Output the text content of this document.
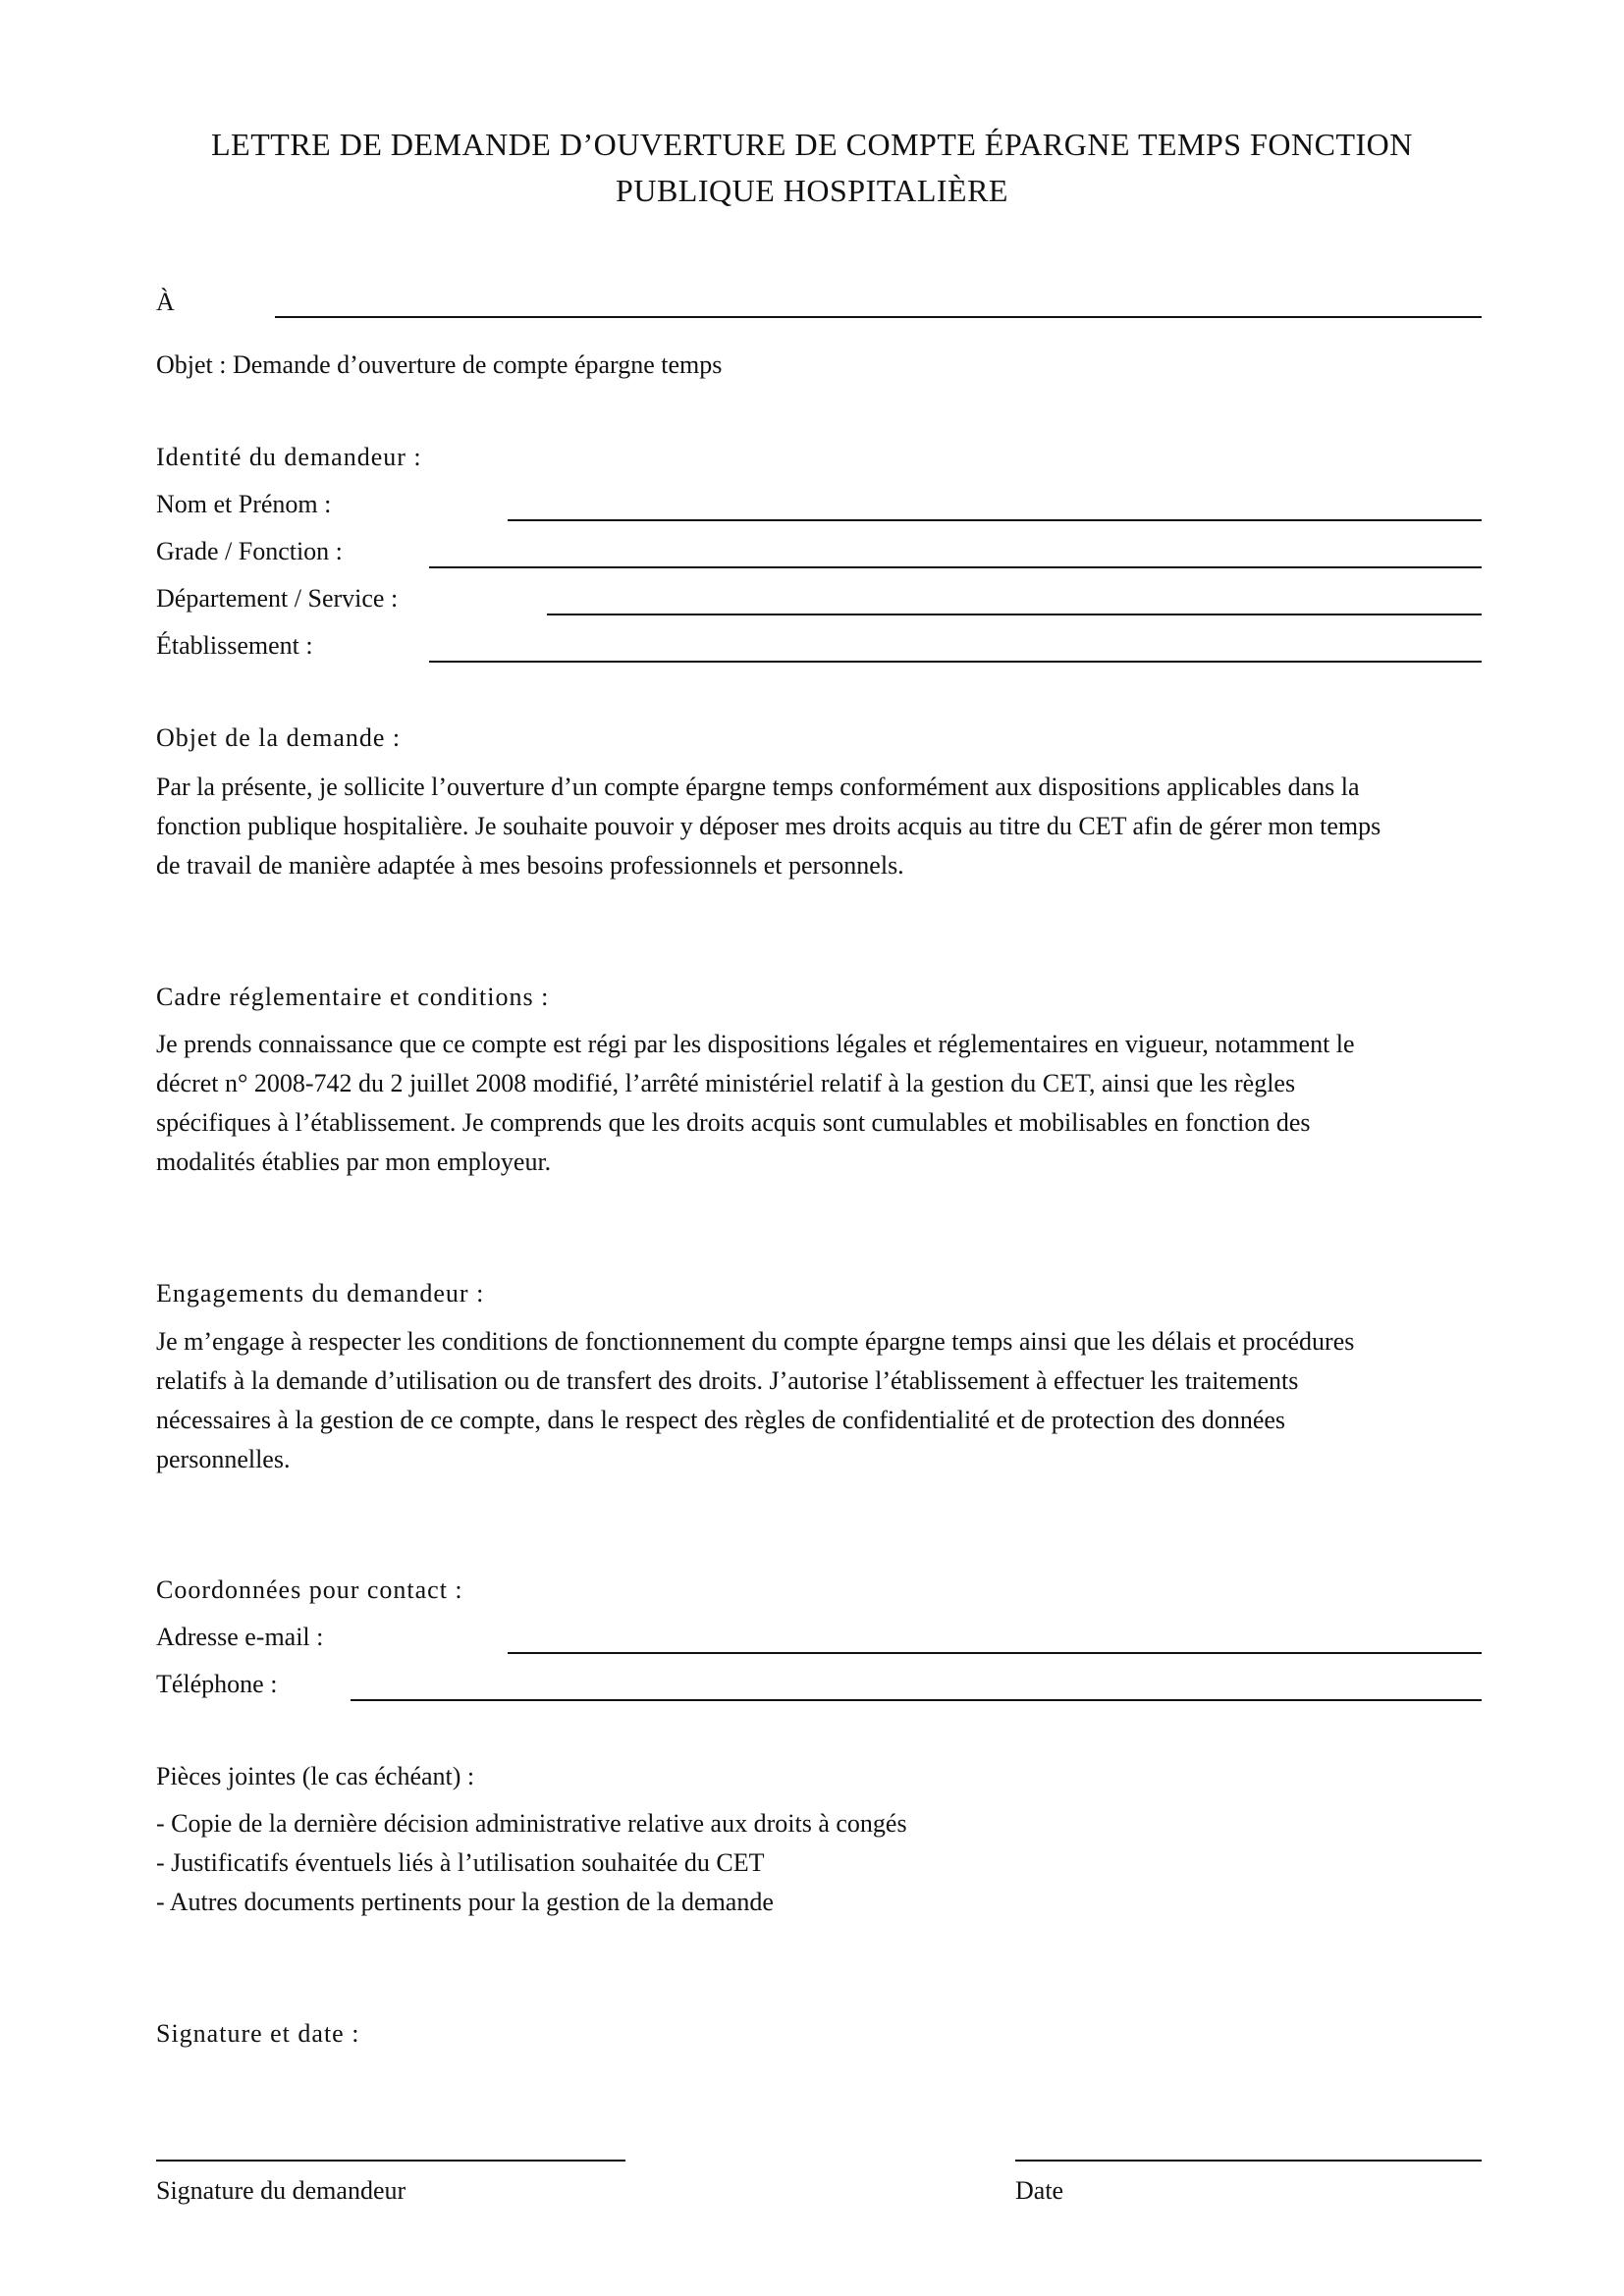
LETTRE DE DEMANDE D’OUVERTURE DE COMPTE ÉPARGNE TEMPS FONCTION
PUBLIQUE HOSPITALIÈRE
À
Objet : Demande d’ouverture de compte épargne temps
Identité du demandeur :
Nom et Prénom :
Grade / Fonction :
Département / Service :
Établissement :
Objet de la demande :
Par la présente, je sollicite l’ouverture d’un compte épargne temps conformément aux dispositions applicables dans la
fonction publique hospitalière. Je souhaite pouvoir y déposer mes droits acquis au titre du CET afin de gérer mon temps
de travail de manière adaptée à mes besoins professionnels et personnels.
Cadre réglementaire et conditions :
Je prends connaissance que ce compte est régi par les dispositions légales et réglementaires en vigueur, notamment le
décret n° 2008-742 du 2 juillet 2008 modifié, l’arrêté ministériel relatif à la gestion du CET, ainsi que les règles
spécifiques à l’établissement. Je comprends que les droits acquis sont cumulables et mobilisables en fonction des
modalités établies par mon employeur.
Engagements du demandeur :
Je m’engage à respecter les conditions de fonctionnement du compte épargne temps ainsi que les délais et procédures
relatifs à la demande d’utilisation ou de transfert des droits. J’autorise l’établissement à effectuer les traitements
nécessaires à la gestion de ce compte, dans le respect des règles de confidentialité et de protection des données
personnelles.
Coordonnées pour contact :
Adresse e-mail :
Téléphone :
Pièces jointes (le cas échéant) :
- Copie de la dernière décision administrative relative aux droits à congés
- Justificatifs éventuels liés à l’utilisation souhaitée du CET
- Autres documents pertinents pour la gestion de la demande
Signature et date :
Signature du demandeur	Date
